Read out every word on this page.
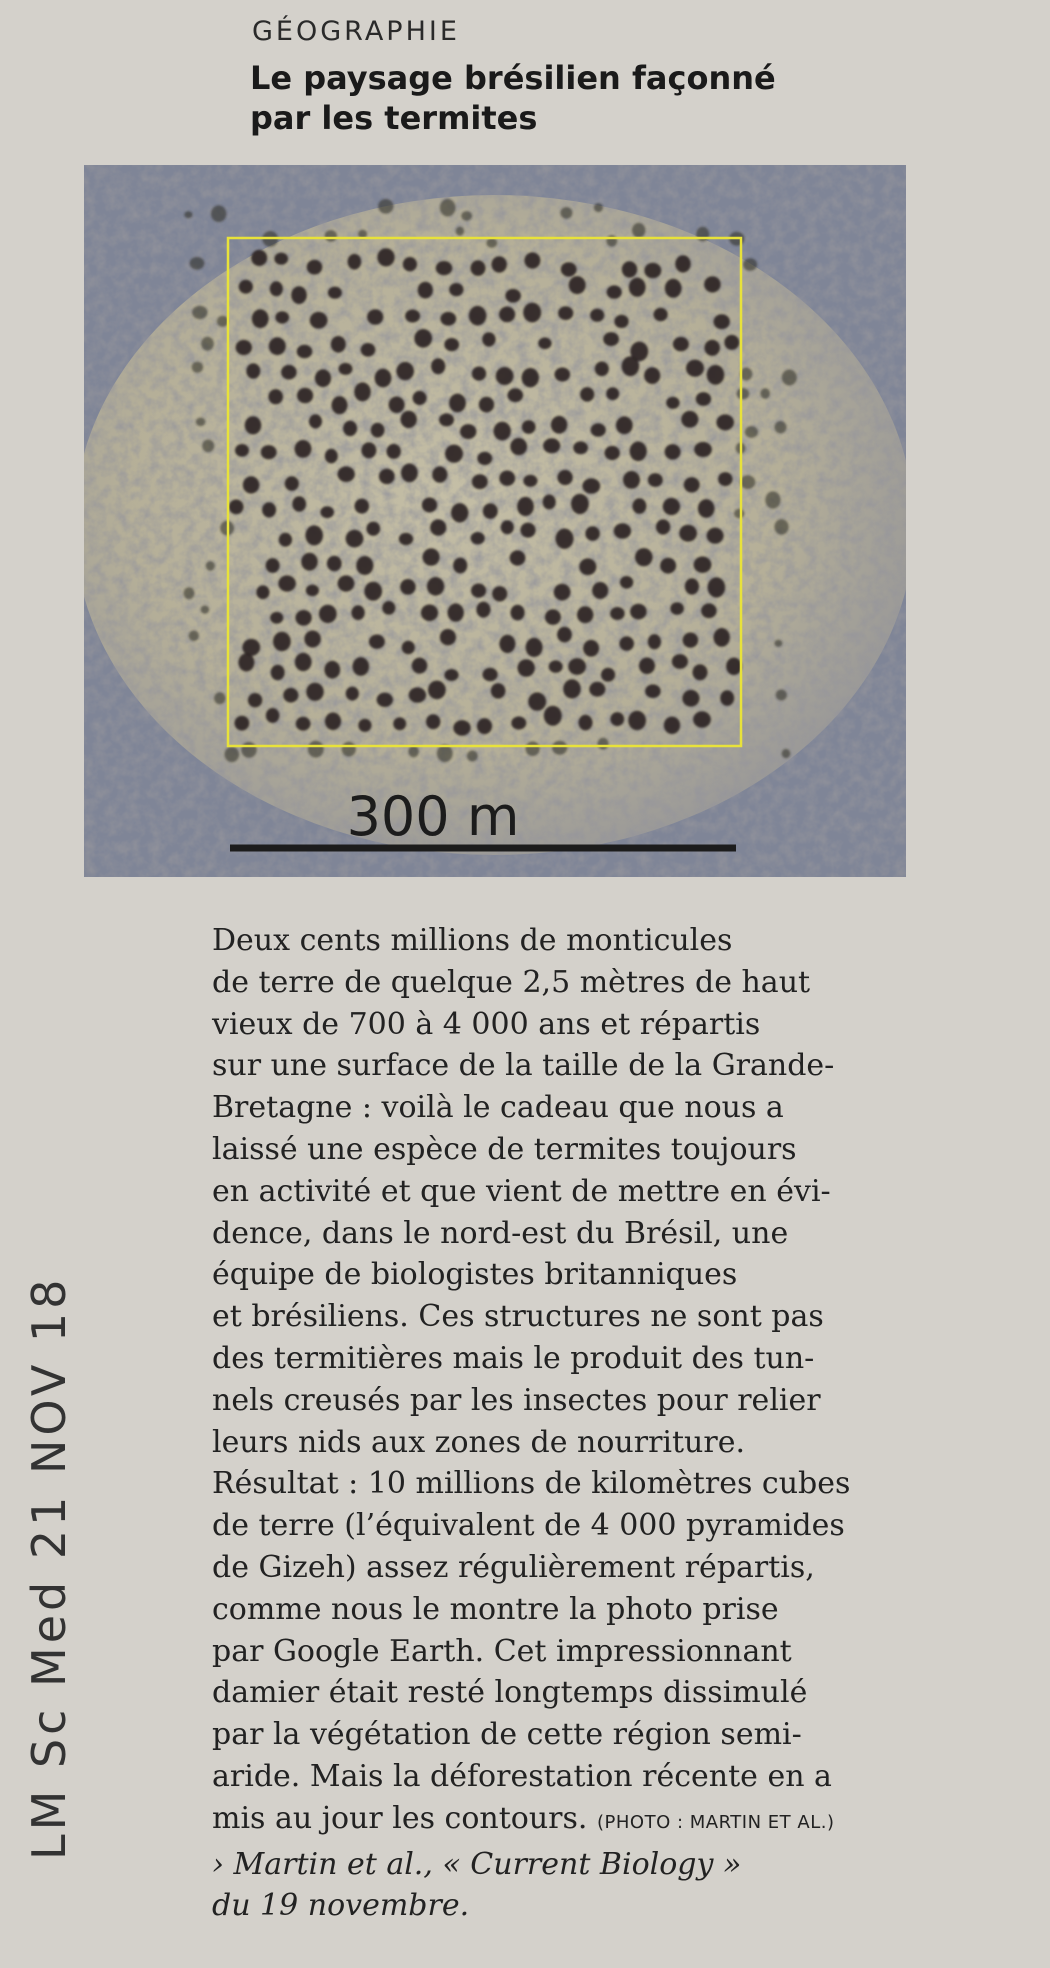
GÉOGRAPHIE
Le paysage brésilien façonné
par les termites
300 m
Deux cents millions de monticules
de terre de quelque 2,5 mètres de haut
vieux de 700 à 4 000 ans et répartis
sur une surface de la taille de la Grande-
Bretagne : voilà le cadeau que nous a
laissé une espèce de termites toujours
en activité et que vient de mettre en évi-
dence, dans le nord-est du Brésil, une
équipe de biologistes britanniques
et brésiliens. Ces structures ne sont pas
des termitières mais le produit des tun-
nels creusés par les insectes pour relier
leurs nids aux zones de nourriture.
Résultat : 10 millions de kilomètres cubes
de terre (l’équivalent de 4 000 pyramides
de Gizeh) assez régulièrement répartis,
comme nous le montre la photo prise
par Google Earth. Cet impressionnant
damier était resté longtemps dissimulé
par la végétation de cette région semi-
aride. Mais la déforestation récente en a
mis au jour les contours. (PHOTO : MARTIN ET AL.)
› Martin et al., « Current Biology »
du 19 novembre.
LM Sc Med 21 NOV 18
